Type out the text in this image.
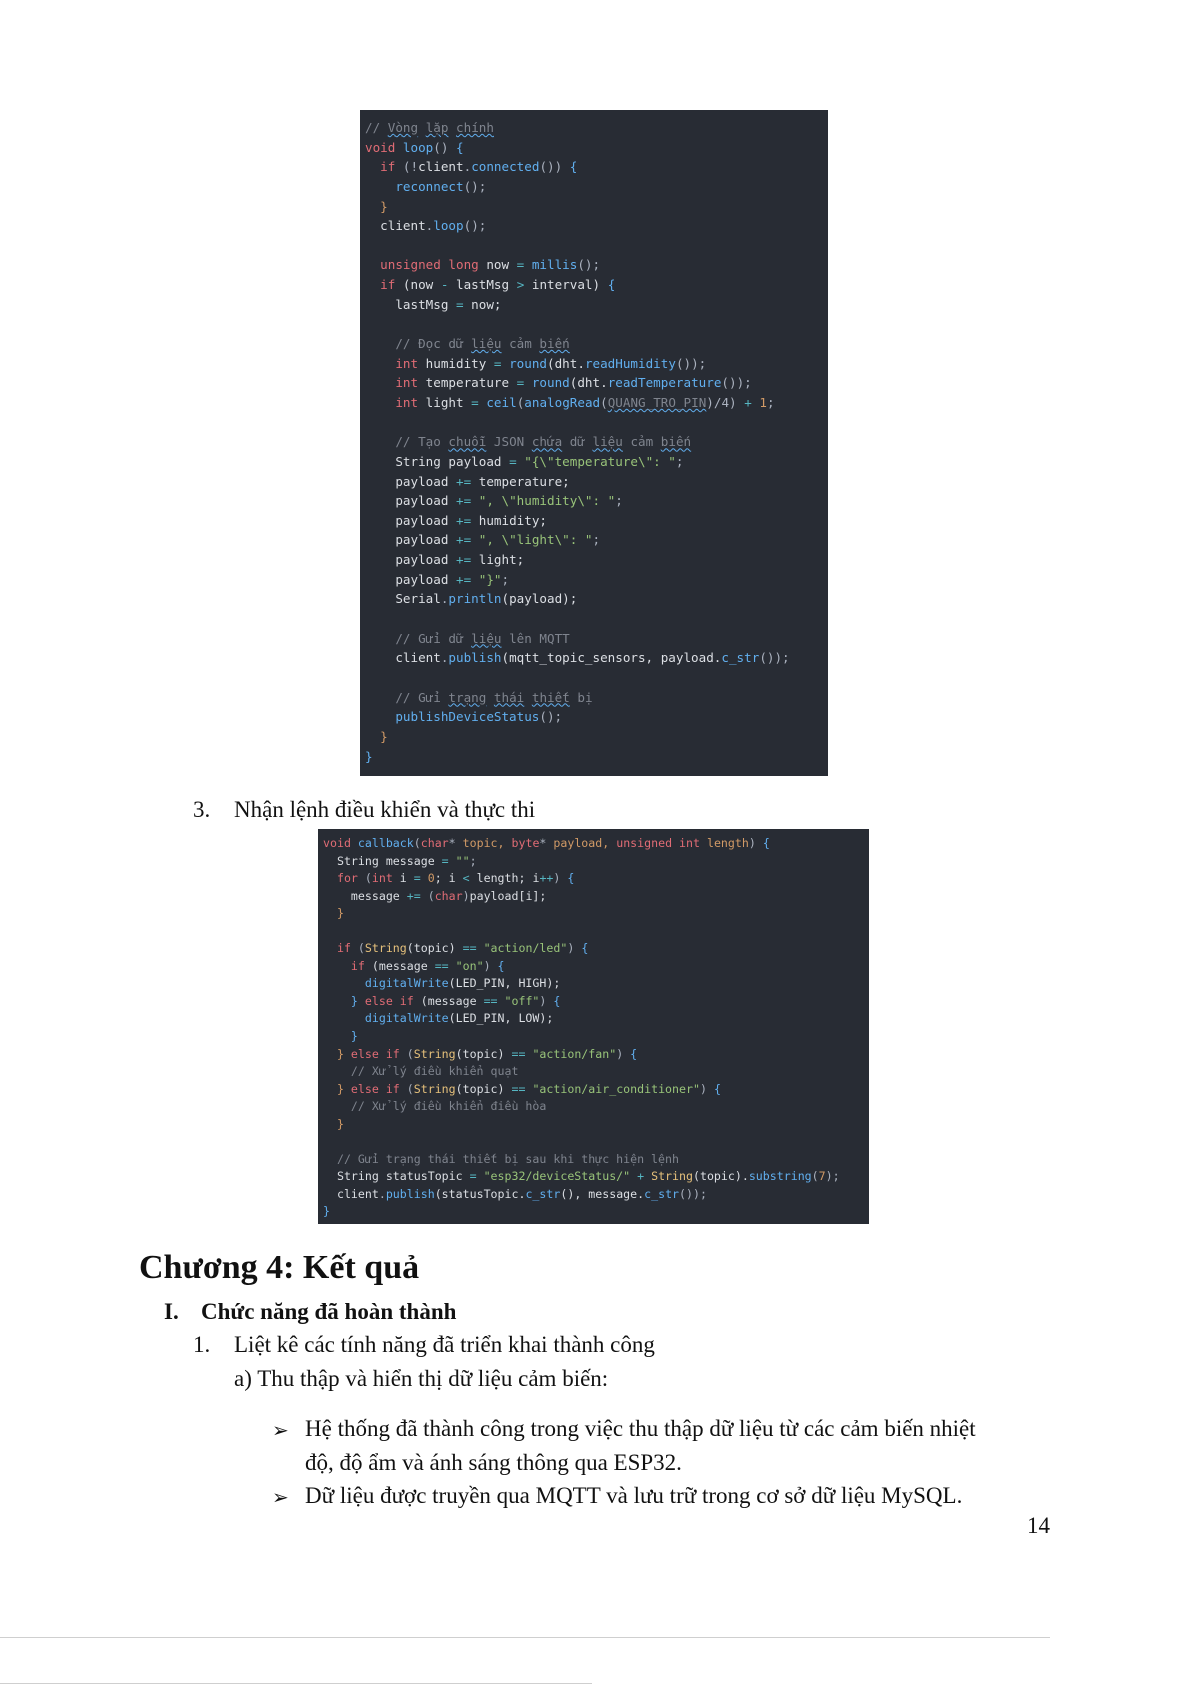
// Vòng lặp chính
void loop() {
if (!client.connected()) {
reconnect();
}
client.loop();

unsigned long now = millis();
if (now - lastMsg > interval) {
lastMsg = now;

// Đọc dữ liệu cảm biến
int humidity = round(dht.readHumidity());
int temperature = round(dht.readTemperature());
int light = ceil(analogRead(QUANG_TRO_PIN)/4) + 1;

// Tạo chuỗi JSON chứa dữ liệu cảm biến
String payload = "{\"temperature\": ";
payload += temperature;
payload += ", \"humidity\": ";
payload += humidity;
payload += ", \"light\": ";
payload += light;
payload += "}";
Serial.println(payload);

// Gửi dữ liệu lên MQTT
client.publish(mqtt_topic_sensors, payload.c_str());

// Gửi trạng thái thiết bị
publishDeviceStatus();
}
}
3. Nhận lệnh điều khiển và thực thi
void callback(char* topic, byte* payload, unsigned int length) {
String message = "";
for (int i = 0; i < length; i++) {
message += (char)payload[i];
}

if (String(topic) == "action/led") {
if (message == "on") {
digitalWrite(LED_PIN, HIGH);
} else if (message == "off") {
digitalWrite(LED_PIN, LOW);
}
} else if (String(topic) == "action/fan") {
// Xử lý điều khiển quạt
} else if (String(topic) == "action/air_conditioner") {
// Xử lý điều khiển điều hòa
}

// Gửi trạng thái thiết bị sau khi thực hiện lệnh
String statusTopic = "esp32/deviceStatus/" + String(topic).substring(7);
client.publish(statusTopic.c_str(), message.c_str());
}
Chương 4: Kết quả
I. Chức năng đã hoàn thành
1. Liệt kê các tính năng đã triển khai thành công
a) Thu thập và hiển thị dữ liệu cảm biến:
➢ Hệ thống đã thành công trong việc thu thập dữ liệu từ các cảm biến nhiệt
độ, độ ẩm và ánh sáng thông qua ESP32.
➢ Dữ liệu được truyền qua MQTT và lưu trữ trong cơ sở dữ liệu MySQL.
14
